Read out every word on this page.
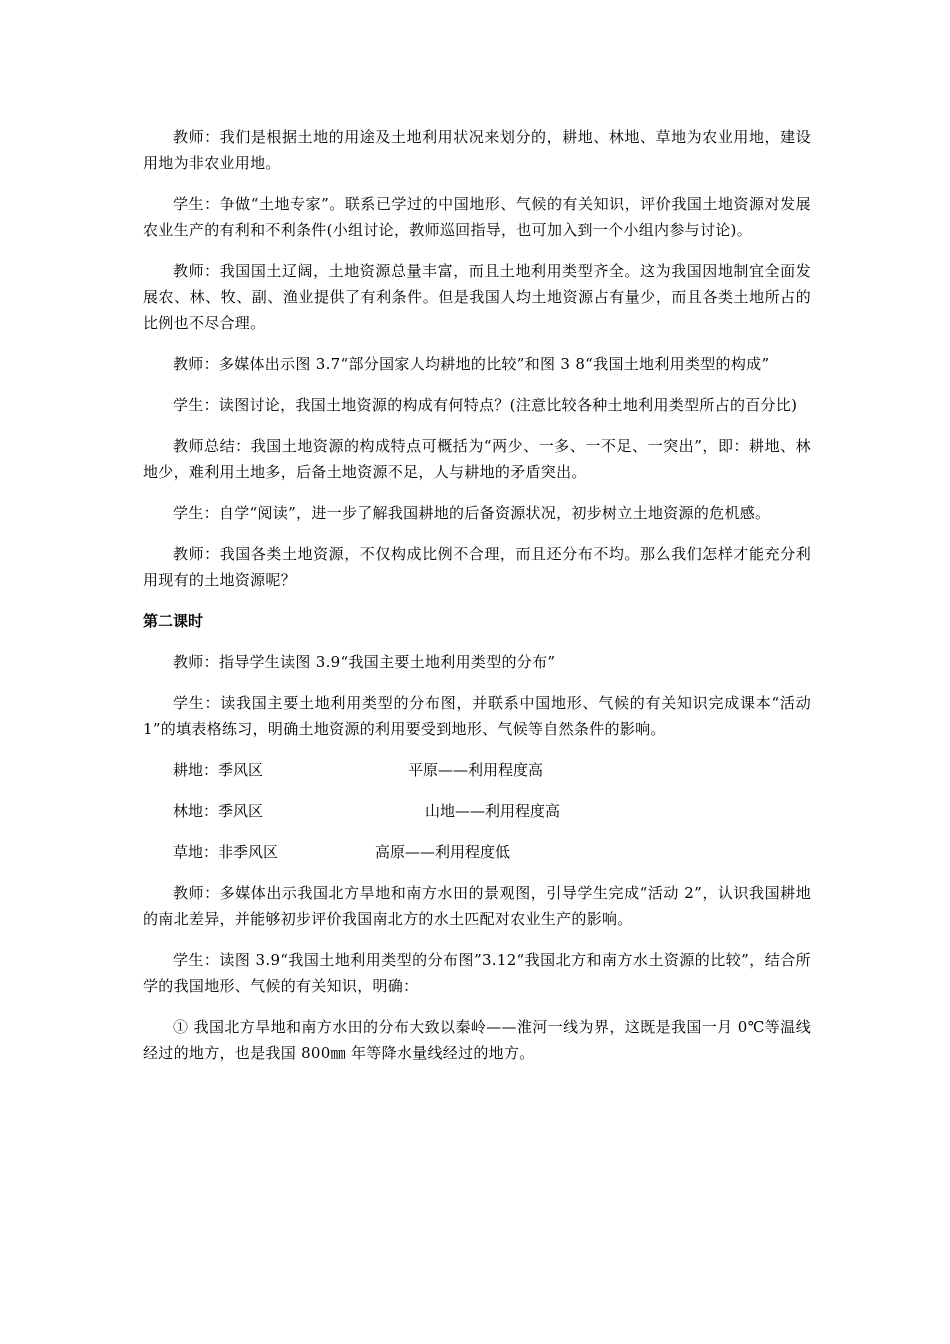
教师：我们是根据土地的用途及土地利用状况来划分的，耕地、林地、草地为农业用地，建设用地为非农业用地。

学生：争做“土地专家”。联系已学过的中国地形、气候的有关知识，评价我国土地资源对发展农业生产的有利和不利条件(小组讨论，教师巡回指导，也可加入到一个小组内参与讨论)。

教师：我国国土辽阔，土地资源总量丰富，而且土地利用类型齐全。这为我国因地制宜全面发展农、林、牧、副、渔业提供了有利条件。但是我国人均土地资源占有量少，而且各类土地所占的比例也不尽合理。

教师：多媒体出示图 3.7“部分国家人均耕地的比较”和图 3 8“我国土地利用类型的构成”

学生：读图讨论，我国土地资源的构成有何特点？(注意比较各种土地利用类型所占的百分比)

教师总结：我国土地资源的构成特点可概括为“两少、一多、一不足、一突出”，即：耕地、林地少，难利用土地多，后备土地资源不足，人与耕地的矛盾突出。

学生：自学“阅读”，进一步了解我国耕地的后备资源状况，初步树立土地资源的危机感。

教师：我国各类土地资源，不仅构成比例不合理，而且还分布不均。那么我们怎样才能充分利用现有的土地资源呢？

第二课时

教师：指导学生读图 3.9“我国主要土地利用类型的分布”

学生：读我国主要土地利用类型的分布图，并联系中国地形、气候的有关知识完成课本“活动 1”的填表格练习，明确土地资源的利用要受到地形、气候等自然条件的影响。

耕地：季风区	平原——利用程度高
林地：季风区	山地——利用程度高
草地：非季风区	高原——利用程度低

教师：多媒体出示我国北方旱地和南方水田的景观图，引导学生完成“活动 2”，认识我国耕地的南北差异，并能够初步评价我国南北方的水土匹配对农业生产的影响。

学生：读图 3.9“我国土地利用类型的分布图”3.12“我国北方和南方水土资源的比较”，结合所学的我国地形、气候的有关知识，明确：

① 我国北方旱地和南方水田的分布大致以秦岭——淮河一线为界，这既是我国一月 0℃等温线经过的地方，也是我国 800㎜ 年等降水量线经过的地方。
